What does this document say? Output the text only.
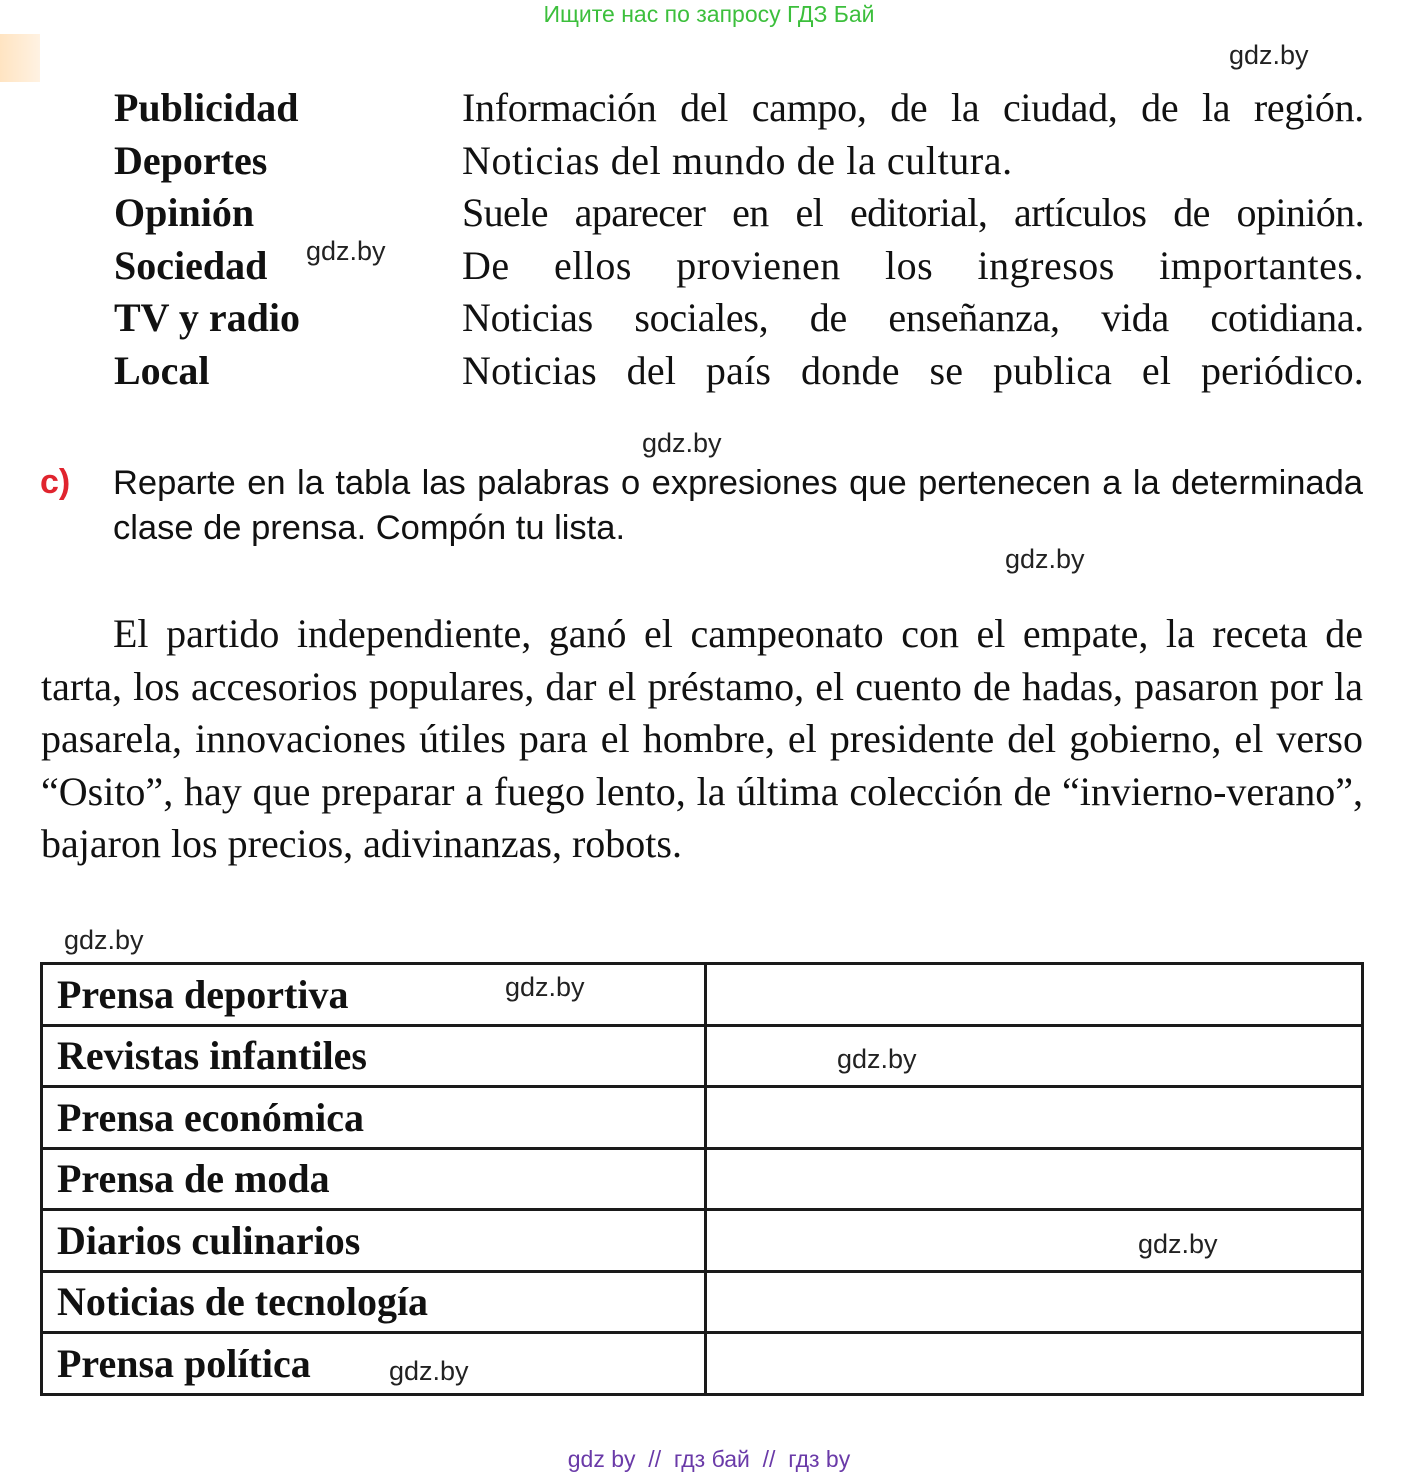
Ищите нас по запросу ГДЗ Бай
gdz.by
gdz.by
gdz.by
gdz.by
gdz.by
gdz.by
gdz.by
gdz.by
gdz.by
Publicidad	Información del campo, de la ciudad, de la región.
Deportes	Noticias del mundo de la cultura.
Opinión	Suele aparecer en el editorial, artículos de opinión.
Sociedad	De ellos provienen los ingresos importantes.
TV y radio	Noticias sociales, de enseñanza, vida cotidiana.
Local	Noticias del país donde se publica el periódico.
c) Reparte en la tabla las palabras o expresiones que pertenecen a la determinada clase de prensa. Compón tu lista.

El partido independiente, ganó el campeonato con el empate, la receta de tarta, los accesorios populares, dar el préstamo, el cuento de hadas, pasaron por la pasarela, innovaciones útiles para el hombre, el presidente del gobierno, el verso “Osito”, hay que preparar a fuego lento, la última colección de “invierno-verano”, bajaron los precios, adivinanzas, robots.

Prensa deportiva	
Revistas infantiles	
Prensa económica	
Prensa de moda	
Diarios culinarios	
Noticias de tecnología	
Prensa política	
gdz by  //  гдз бай  //  гдз by
